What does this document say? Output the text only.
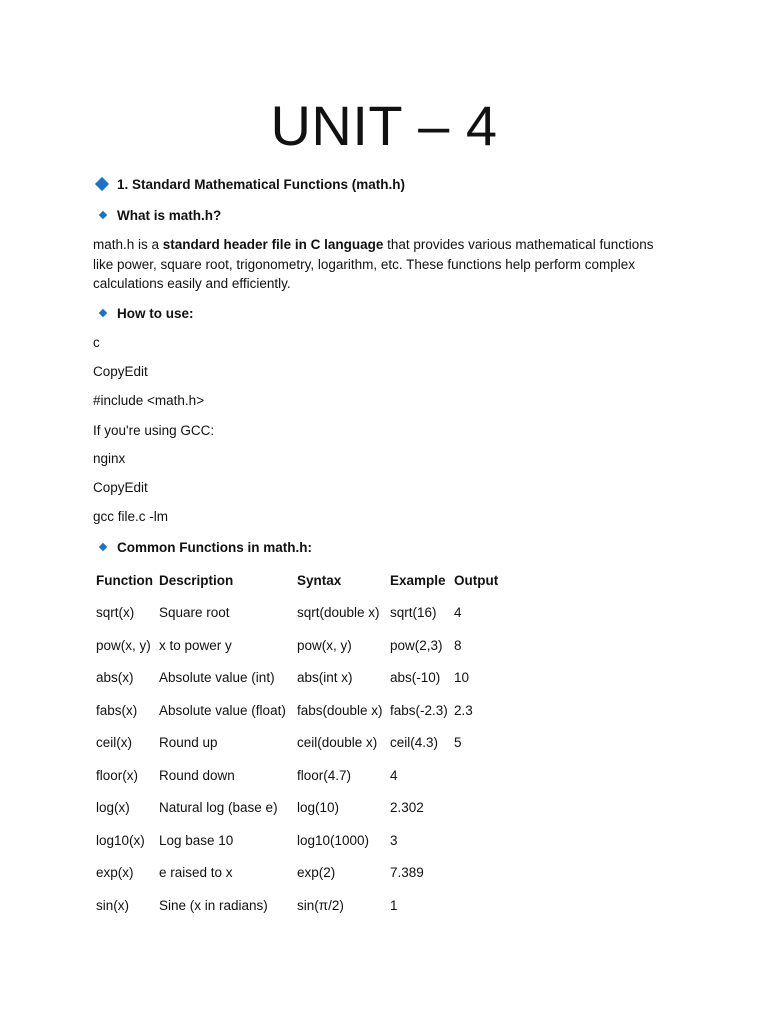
UNIT – 4
1. Standard Mathematical Functions (math.h)
What is math.h?
math.h is a standard header file in C language that provides various mathematical functions
like power, square root, trigonometry, logarithm, etc. These functions help perform complex
calculations easily and efficiently.
How to use:
c
CopyEdit
#include <math.h>
If you're using GCC:
nginx
CopyEdit
gcc file.c -lm
Common Functions in math.h:
Function	Description	Syntax	Example	Output
sqrt(x)	Square root	sqrt(double x)	sqrt(16)	4
pow(x, y)	x to power y	pow(x, y)	pow(2,3)	8
abs(x)	Absolute value (int)	abs(int x)	abs(-10)	10
fabs(x)	Absolute value (float)	fabs(double x)	fabs(-2.3)	2.3
ceil(x)	Round up	ceil(double x)	ceil(4.3)	5
floor(x)	Round down	floor(4.7)	4	
log(x)	Natural log (base e)	log(10)	2.302	
log10(x)	Log base 10	log10(1000)	3	
exp(x)	e raised to x	exp(2)	7.389	
sin(x)	Sine (x in radians)	sin(π/2)	1	
